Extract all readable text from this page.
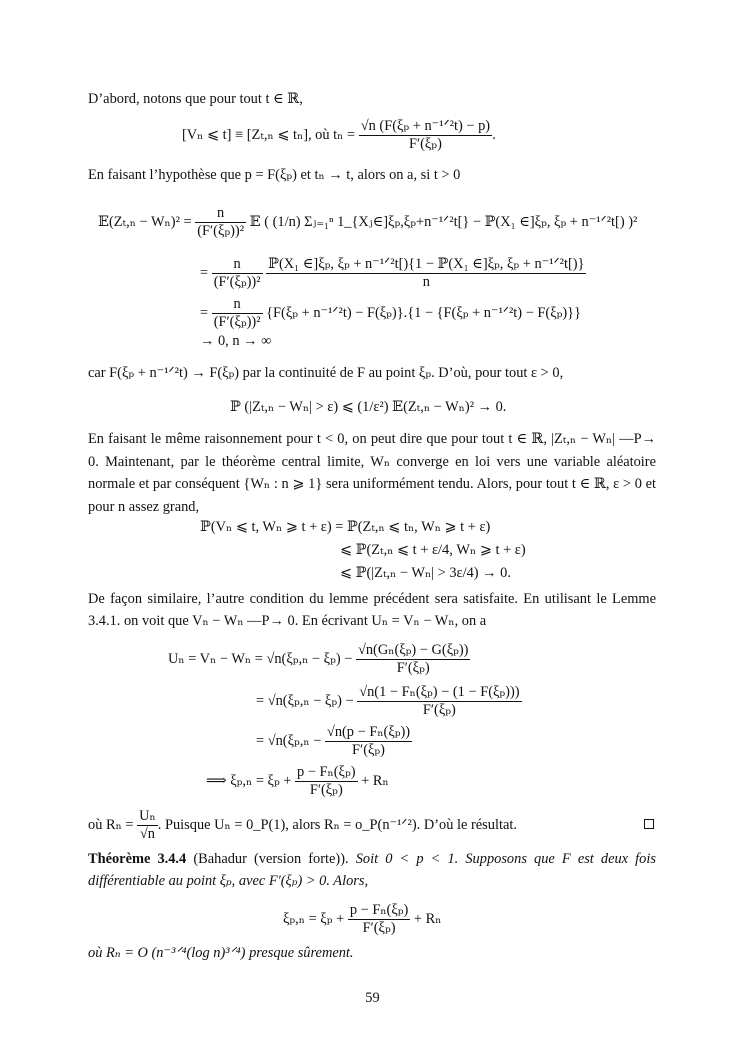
D’abord, notons que pour tout t ∈ ℝ,
[Vₙ ⩽ t] ≡ [Zₜ,ₙ ⩽ tₙ], où tₙ =
√n (F(ξₚ + n⁻¹ᐟ²t) − p)
F′(ξₚ)
.
En faisant l’hypothèse que p = F(ξₚ) et tₙ → t, alors on a, si t > 0
𝔼(Zₜ,ₙ − $W_n)^2 = \frac{n}{\text{(F′(ξₚ))²}}$ 𝔼 ( (1/n) Σⱼ₌₁ⁿ 1_{Xⱼ∈]ξₚ,ξₚ+n⁻¹ᐟ²t[} − ℙ(X₁ ∈]ξₚ, ξₚ + n⁻¹ᐟ²t[) )²
= $\frac{n}{\text{(F′(ξₚ))²}}$
ℙ(X₁ ∈]ξₚ, ξₚ + n⁻¹ᐟ²t[){1 − ℙ(X₁ ∈]ξₚ, ξₚ + n⁻¹ᐟ²t[)}
n
= $\frac{n}{\text{(F′(ξₚ))²}} \{F(\xi_p$ + n⁻¹ᐟ²t) − F(ξₚ)}.{1 − {F(ξₚ + n⁻¹ᐟ²t) − F(ξₚ)}}
→ 0, n → ∞
car F(ξₚ + n⁻¹ᐟ²t) → F(ξₚ) par la continuité de F au point ξₚ. D’où, pour tout ε > 0,
ℙ (|Zₜ,ₙ − Wₙ| > ε) ⩽ (1/ε²) 𝔼(Zₜ,ₙ − Wₙ)² → 0.
En faisant le même raisonnement pour t < 0, on peut dire que pour tout t ∈ ℝ, |Zₜ,ₙ − Wₙ| —P→ 0. Maintenant, par le théorème central limite, Wₙ converge en loi vers une variable aléatoire normale et par conséquent {Wₙ : n ⩾ 1} sera uniformément tendu. Alors, pour tout t ∈ ℝ, ε > 0 et pour n assez grand,
ℙ(Vₙ ⩽ t, Wₙ ⩾ t + ε) = ℙ(Zₜ,ₙ ⩽ tₙ, Wₙ ⩾ t + ε)
⩽ ℙ(Zₜ,ₙ ⩽ t + ε/4, Wₙ ⩾ t + ε)
⩽ ℙ(|Zₜ,ₙ − Wₙ| > 3ε/4) → 0.
De façon similaire, l’autre condition du lemme précédent sera satisfaite. En utilisant le Lemme 3.4.1. on voit que Vₙ − Wₙ —P→ 0. En écrivant Uₙ = Vₙ − Wₙ, on a
$U_n = V_n - W_n = √n(\xi_p,_n - \xi_p) - \frac{\text{√n(Gₙ(ξₚ) − G(ξₚ))}}{\text{F′(ξₚ)}}$
= $√n(\xi_p,_n - \xi_p) - \frac{\text{√n(1 − Fₙ(ξₚ) − (1 − F(ξₚ)))}}{\text{F′(ξₚ)}}$
= $√n(\xi_p,_n - \frac{\text{√n(p − Fₙ(ξₚ))}}{\text{F′(ξₚ)}}$
⟹ $\xi_p,_n = \xi_p + \frac{\text{p − Fₙ(ξₚ)}}{\text{F′(ξₚ)}} + R_n$
où $R_n = \frac{\text{Uₙ}}{√n}$ . Puisque Uₙ = 0_P(1), alors Rₙ = o_P(n⁻¹ᐟ²). D’où le résultat.
Théorème 3.4.4 (Bahadur (version forte)). Soit 0 < p < 1. Supposons que F est deux fois différentiable au point ξₚ, avec F′(ξₚ) > 0. Alors,
$\xi_p,_n = \xi_p + \frac{\text{p − Fₙ(ξₚ)}}{\text{F′(ξₚ)}} + R_n$
où Rₙ = O (n⁻³ᐟ⁴(log n)³ᐟ⁴) presque sûrement.
59
